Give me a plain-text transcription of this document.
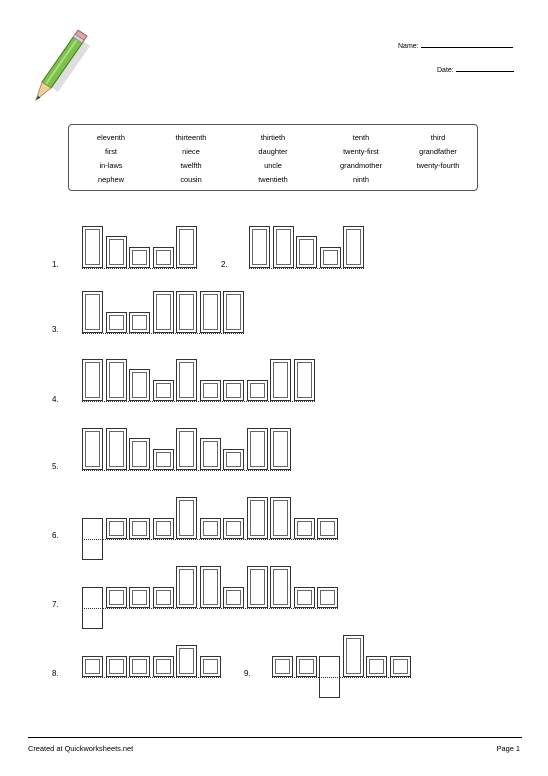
Name:
Date:
eleventh	thirteenth	thirtieth	tenth	third
first	niece	daughter	twenty-first	grandfather
in-laws	twelfth	uncle	grandmother	twenty-fourth
nephew	cousin	twentieth	ninth
1.	2.
3.
4.
5.
6.
7.
8.	9.
Created at Quickworksheets.net	Page 1
